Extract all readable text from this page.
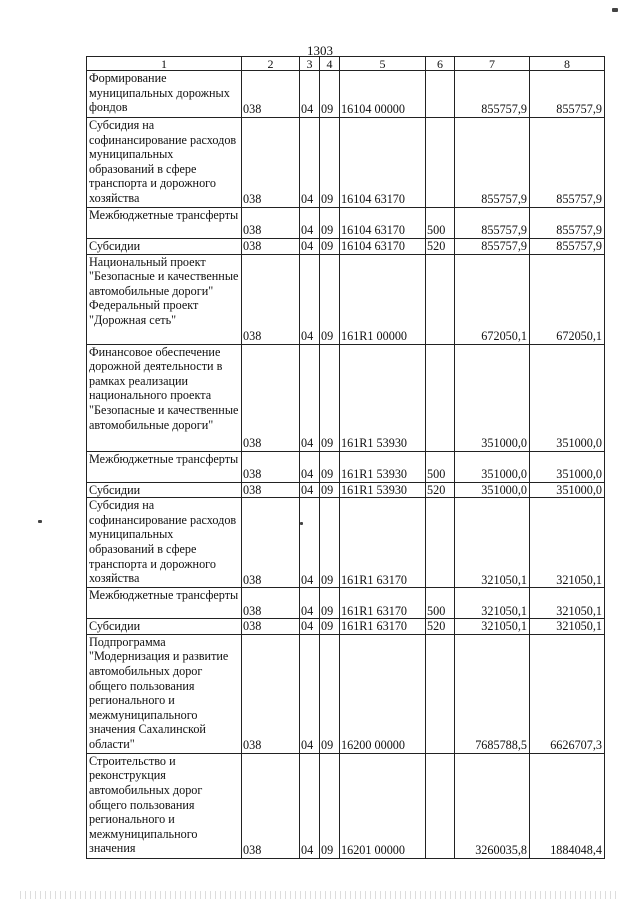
1303
1	2	3	4	5	6	7	8
Формирование муниципальных дорожных фондов	038	04	09	16104 00000		855757,9	855757,9
Субсидия на софинансирование расходов муниципальных образований в сфере транспорта и дорожного хозяйства	038	04	09	16104 63170		855757,9	855757,9
Межбюджетные трансферты	038	04	09	16104 63170	500	855757,9	855757,9
Субсидии	038	04	09	16104 63170	520	855757,9	855757,9
Национальный проект "Безопасные и качественные автомобильные дороги" Федеральный проект "Дорожная сеть"	038	04	09	161R1 00000		672050,1	672050,1
Финансовое обеспечение дорожной деятельности в рамках реализации национального проекта "Безопасные и качественные автомобильные дороги"	038	04	09	161R1 53930		351000,0	351000,0
Межбюджетные трансферты	038	04	09	161R1 53930	500	351000,0	351000,0
Субсидии	038	04	09	161R1 53930	520	351000,0	351000,0
Субсидия на софинансирование расходов муниципальных образований в сфере транспорта и дорожного хозяйства	038	04	09	161R1 63170		321050,1	321050,1
Межбюджетные трансферты	038	04	09	161R1 63170	500	321050,1	321050,1
Субсидии	038	04	09	161R1 63170	520	321050,1	321050,1
Подпрограмма "Модернизация и развитие автомобильных дорог общего пользования регионального и межмуниципального значения Сахалинской области"	038	04	09	16200 00000		7685788,5	6626707,3
Строительство и реконструкция автомобильных дорог общего пользования регионального и межмуниципального значения	038	04	09	16201 00000		3260035,8	1884048,4
